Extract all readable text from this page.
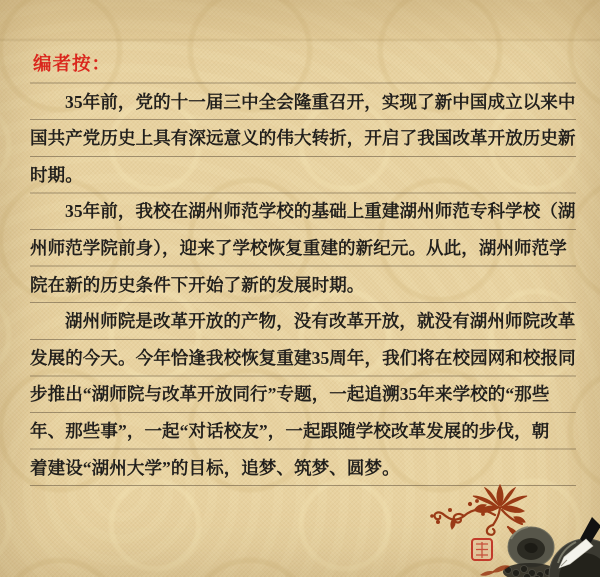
编者按：
35年前，党的十一届三中全会隆重召开，实现了新中国成立以来中
国共产党历史上具有深远意义的伟大转折，开启了我国改革开放历史新
时期。
35年前，我校在湖州师范学校的基础上重建湖州师范专科学校（湖
州师范学院前身），迎来了学校恢复重建的新纪元。从此，湖州师范学
院在新的历史条件下开始了新的发展时期。
湖州师院是改革开放的产物，没有改革开放，就没有湖州师院改革
发展的今天。今年恰逢我校恢复重建35周年，我们将在校园网和校报同
步推出“湖师院与改革开放同行”专题，一起追溯35年来学校的“那些
年、那些事”，一起“对话校友”，一起跟随学校改革发展的步伐，朝
着建设“湖州大学”的目标，追梦、筑梦、圆梦。
